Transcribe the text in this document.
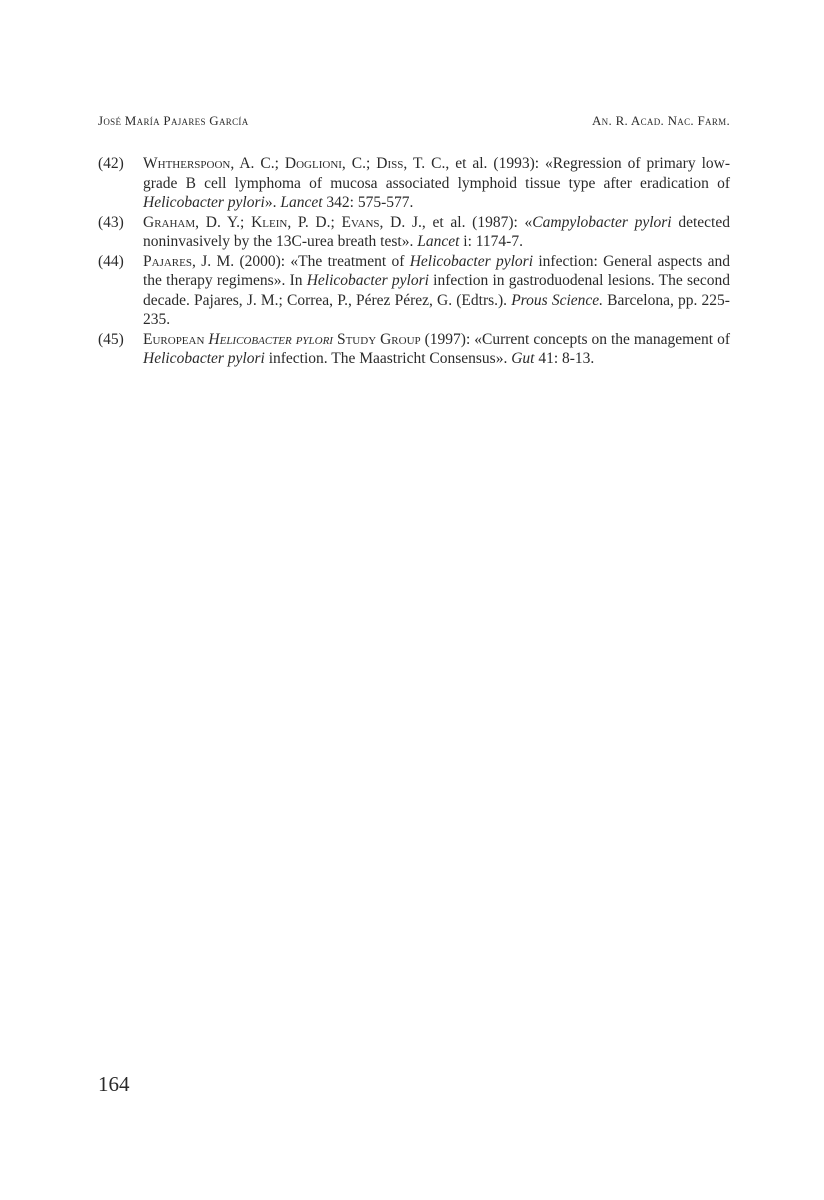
José María Pajares García	An. R. Acad. Nac. Farm.
(42) Whtherspoon, A. C.; Doglioni, C.; Diss, T. C., et al. (1993): «Regression of primary low-grade B cell lymphoma of mucosa associated lymphoid tissue type after eradication of Helicobacter pylori». Lancet 342: 575-577.
(43) Graham, D. Y.; Klein, P. D.; Evans, D. J., et al. (1987): «Campylobacter pylori detected noninvasively by the 13C-urea breath test». Lancet i: 1174-7.
(44) Pajares, J. M. (2000): «The treatment of Helicobacter pylori infection: General aspects and the therapy regimens». In Helicobacter pylori infection in gastroduodenal lesions. The second decade. Pajares, J. M.; Correa, P., Pérez Pérez, G. (Edtrs.). Prous Science. Barcelona, pp. 225-235.
(45) European Helicobacter pylori Study Group (1997): «Current concepts on the management of Helicobacter pylori infection. The Maastricht Consensus». Gut 41: 8-13.
164
